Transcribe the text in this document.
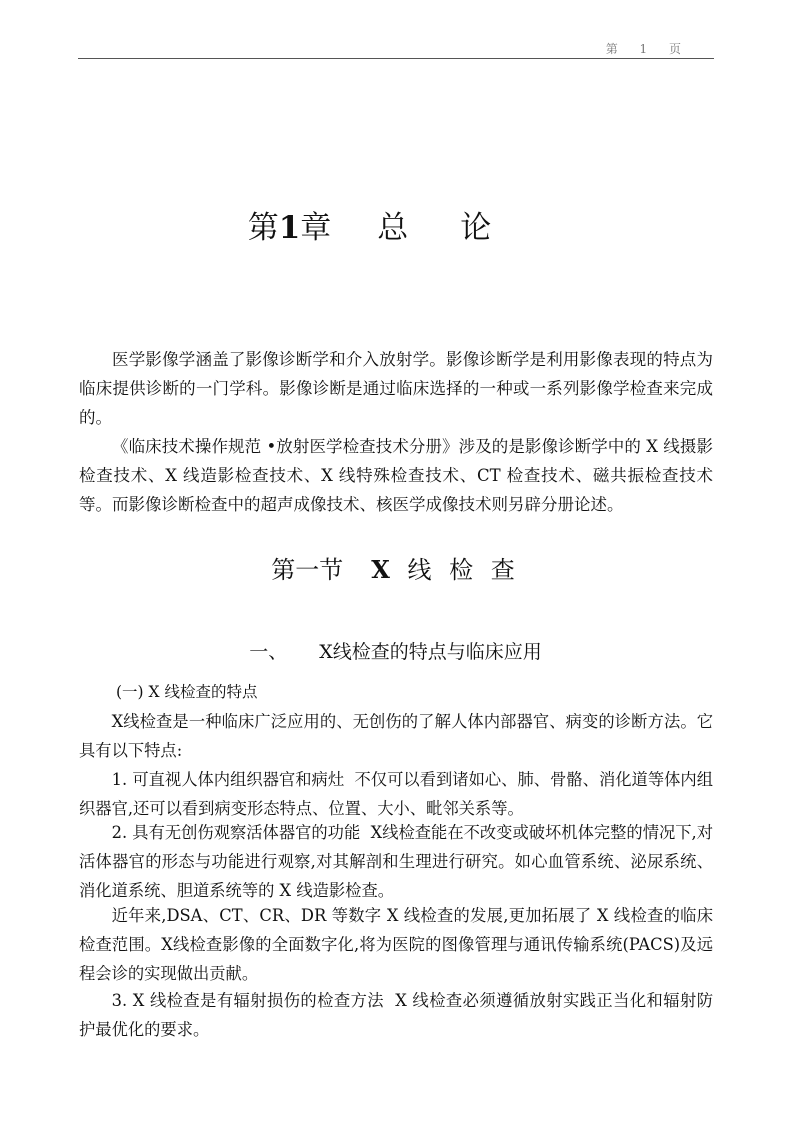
第 1 页
第1章 总论

医学影像学涵盖了影像诊断学和介入放射学。影像诊断学是利用影像表现的特点为临床提供诊断的一门学科。影像诊断是通过临床选择的一种或一系列影像学检查来完成的。

《临床技术操作规范 •放射医学检查技术分册》涉及的是影像诊断学中的 X 线摄影检查技术、X 线造影检查技术、X 线特殊检查技术、CT 检查技术、磁共振检查技术等。而影像诊断检查中的超声成像技术、核医学成像技术则另辟分册论述。

第一节 X 线 检 查
一、 X线检查的特点与临床应用
(一) X 线检查的特点

X线检查是一种临床广泛应用的、无创伤的了解人体内部器官、病变的诊断方法。它具有以下特点:

1. 可直视人体内组织器官和病灶 不仅可以看到诸如心、肺、骨骼、消化道等体内组织器官,还可以看到病变形态特点、位置、大小、毗邻关系等。

2. 具有无创伤观察活体器官的功能 X线检查能在不改变或破坏机体完整的情况下,对活体器官的形态与功能进行观察,对其解剖和生理进行研究。如心血管系统、泌尿系统、消化道系统、胆道系统等的 X 线造影检查。

近年来,DSA、CT、CR、DR 等数字 X 线检查的发展,更加拓展了 X 线检查的临床检查范围。X线检查影像的全面数字化,将为医院的图像管理与通讯传输系统(PACS)及远程会诊的实现做出贡献。

3. X 线检查是有辐射损伤的检查方法 X 线检查必须遵循放射实践正当化和辐射防护最优化的要求。
